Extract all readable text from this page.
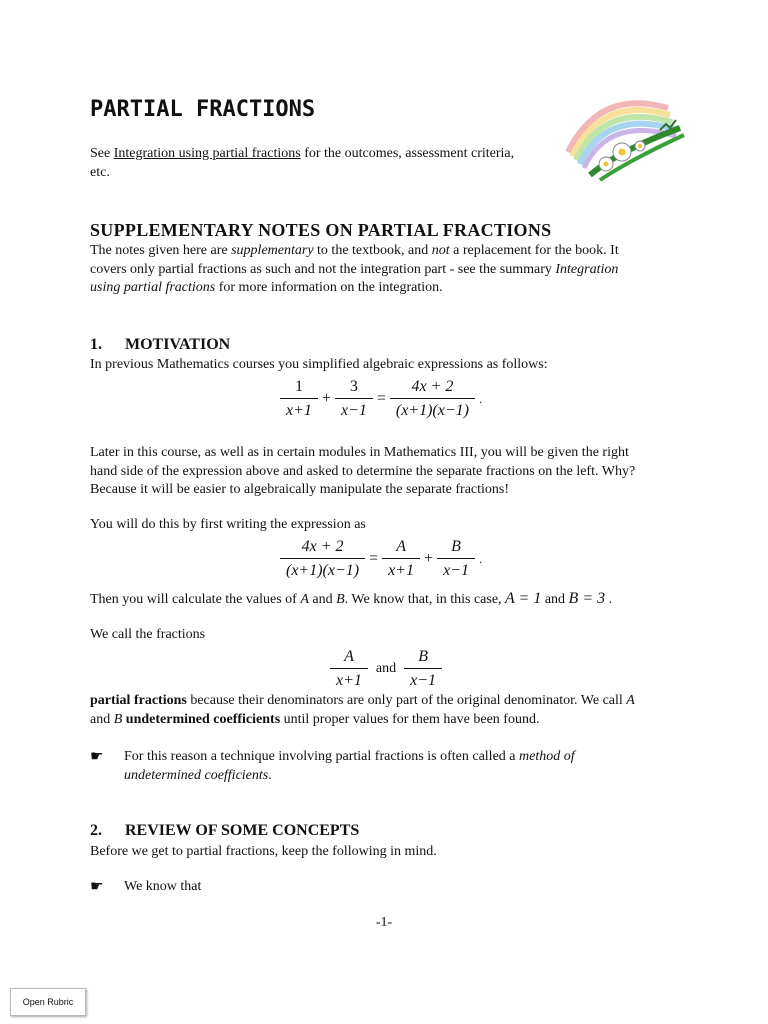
PARTIAL FRACTIONS
See Integration using partial fractions for the outcomes, assessment criteria,
etc.
SUPPLEMENTARY NOTES ON PARTIAL FRACTIONS
The notes given here are supplementary to the textbook, and not a replacement for the book. It
covers only partial fractions as such and not the integration part - see the summary Integration
using partial fractions for more information on the integration.
1. MOTIVATION
In previous Mathematics courses you simplified algebraic expressions as follows:
$\frac{1}{x+1} + \frac{3}{x-1} = \frac{4x + 2}{(x+1)(x-1)}$ .
Later in this course, as well as in certain modules in Mathematics III, you will be given the right
hand side of the expression above and asked to determine the separate fractions on the left. Why?
Because it will be easier to algebraically manipulate the separate fractions!
You will do this by first writing the expression as
$\frac{4x + 2}{(x+1)(x-1)} = \frac{A}{x+1} + \frac{B}{x-1}$ .
Then you will calculate the values of A and B. We know that, in this case, A = 1 and B = 3 .
We call the fractions
$\frac{A}{x+1}$ and $\frac{B}{x-1}$
partial fractions because their denominators are only part of the original denominator. We call A
and B undetermined coefficients until proper values for them have been found.
☛ For this reason a technique involving partial fractions is often called a method of
undetermined coefficients.
2. REVIEW OF SOME CONCEPTS
Before we get to partial fractions, keep the following in mind.
☛ We know that
-1-
Open Rubric
